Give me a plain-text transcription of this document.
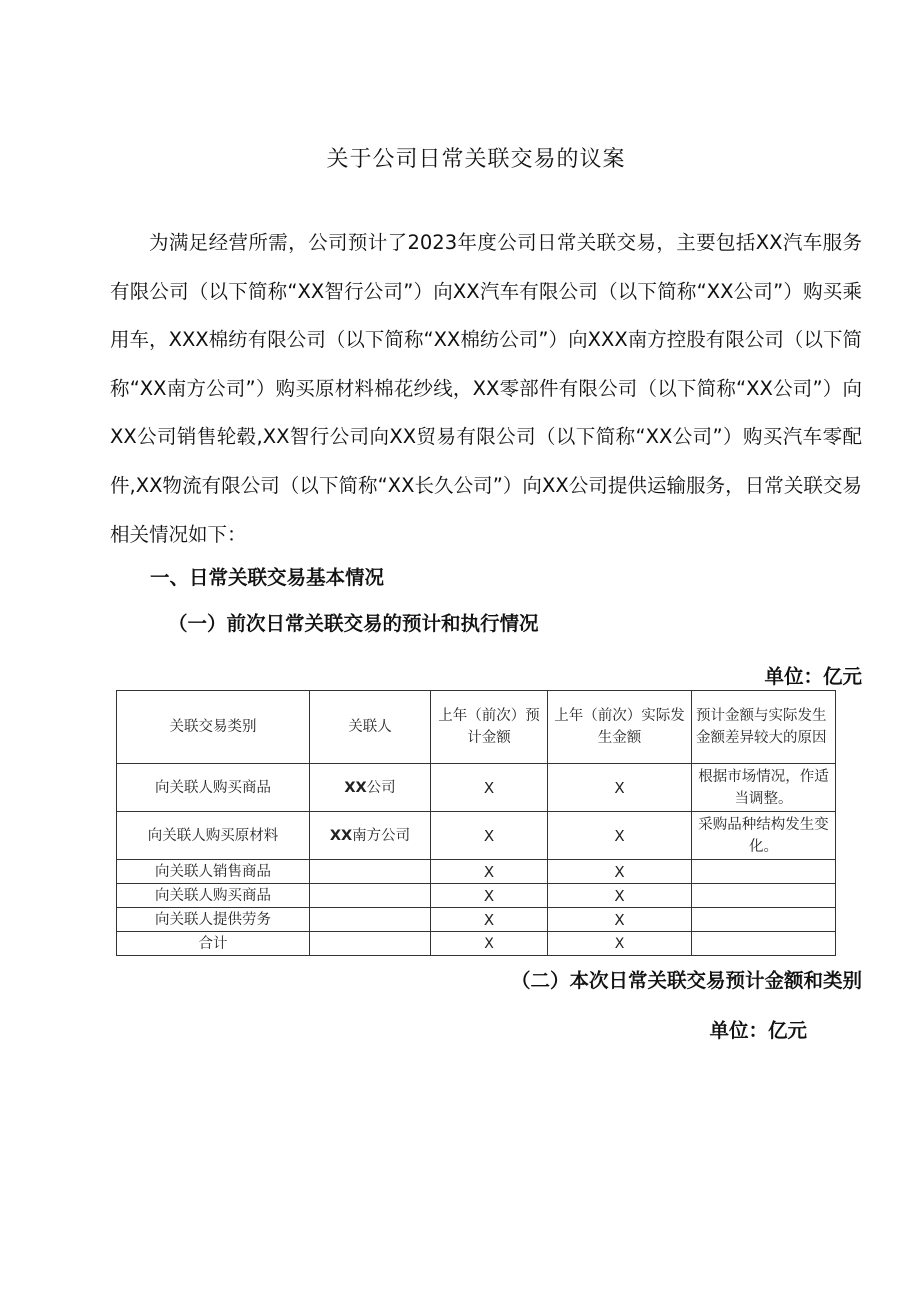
关于公司日常关联交易的议案

为满足经营所需，公司预计了2023年度公司日常关联交易，主要包括XX汽车服务有限公司（以下简称“XX智行公司”）向XX汽车有限公司（以下简称“XX公司”）购买乘用车，XXX棉纺有限公司（以下简称“XX棉纺公司”）向XXX南方控股有限公司（以下简称“XX南方公司”）购买原材料棉花纱线，XX零部件有限公司（以下简称“XX公司”）向XX公司销售轮毂,XX智行公司向XX贸易有限公司（以下简称“XX公司”）购买汽车零配件,XX物流有限公司（以下简称“XX长久公司”）向XX公司提供运输服务，日常关联交易相关情况如下：

一、日常关联交易基本情况
（一）前次日常关联交易的预计和执行情况
单位：亿元
关联交易类别	关联人	上年（前次）预计金额	上年（前次）实际发生金额	预计金额与实际发生金额差异较大的原因
向关联人购买商品	XX公司	X	X	根据市场情况，作适当调整。
向关联人购买原材料	XX南方公司	X	X	采购品种结构发生变化。
向关联人销售商品		X	X	
向关联人购买商品		X	X	
向关联人提供劳务		X	X	
合计		X	X	
（二）本次日常关联交易预计金额和类别
单位：亿元
